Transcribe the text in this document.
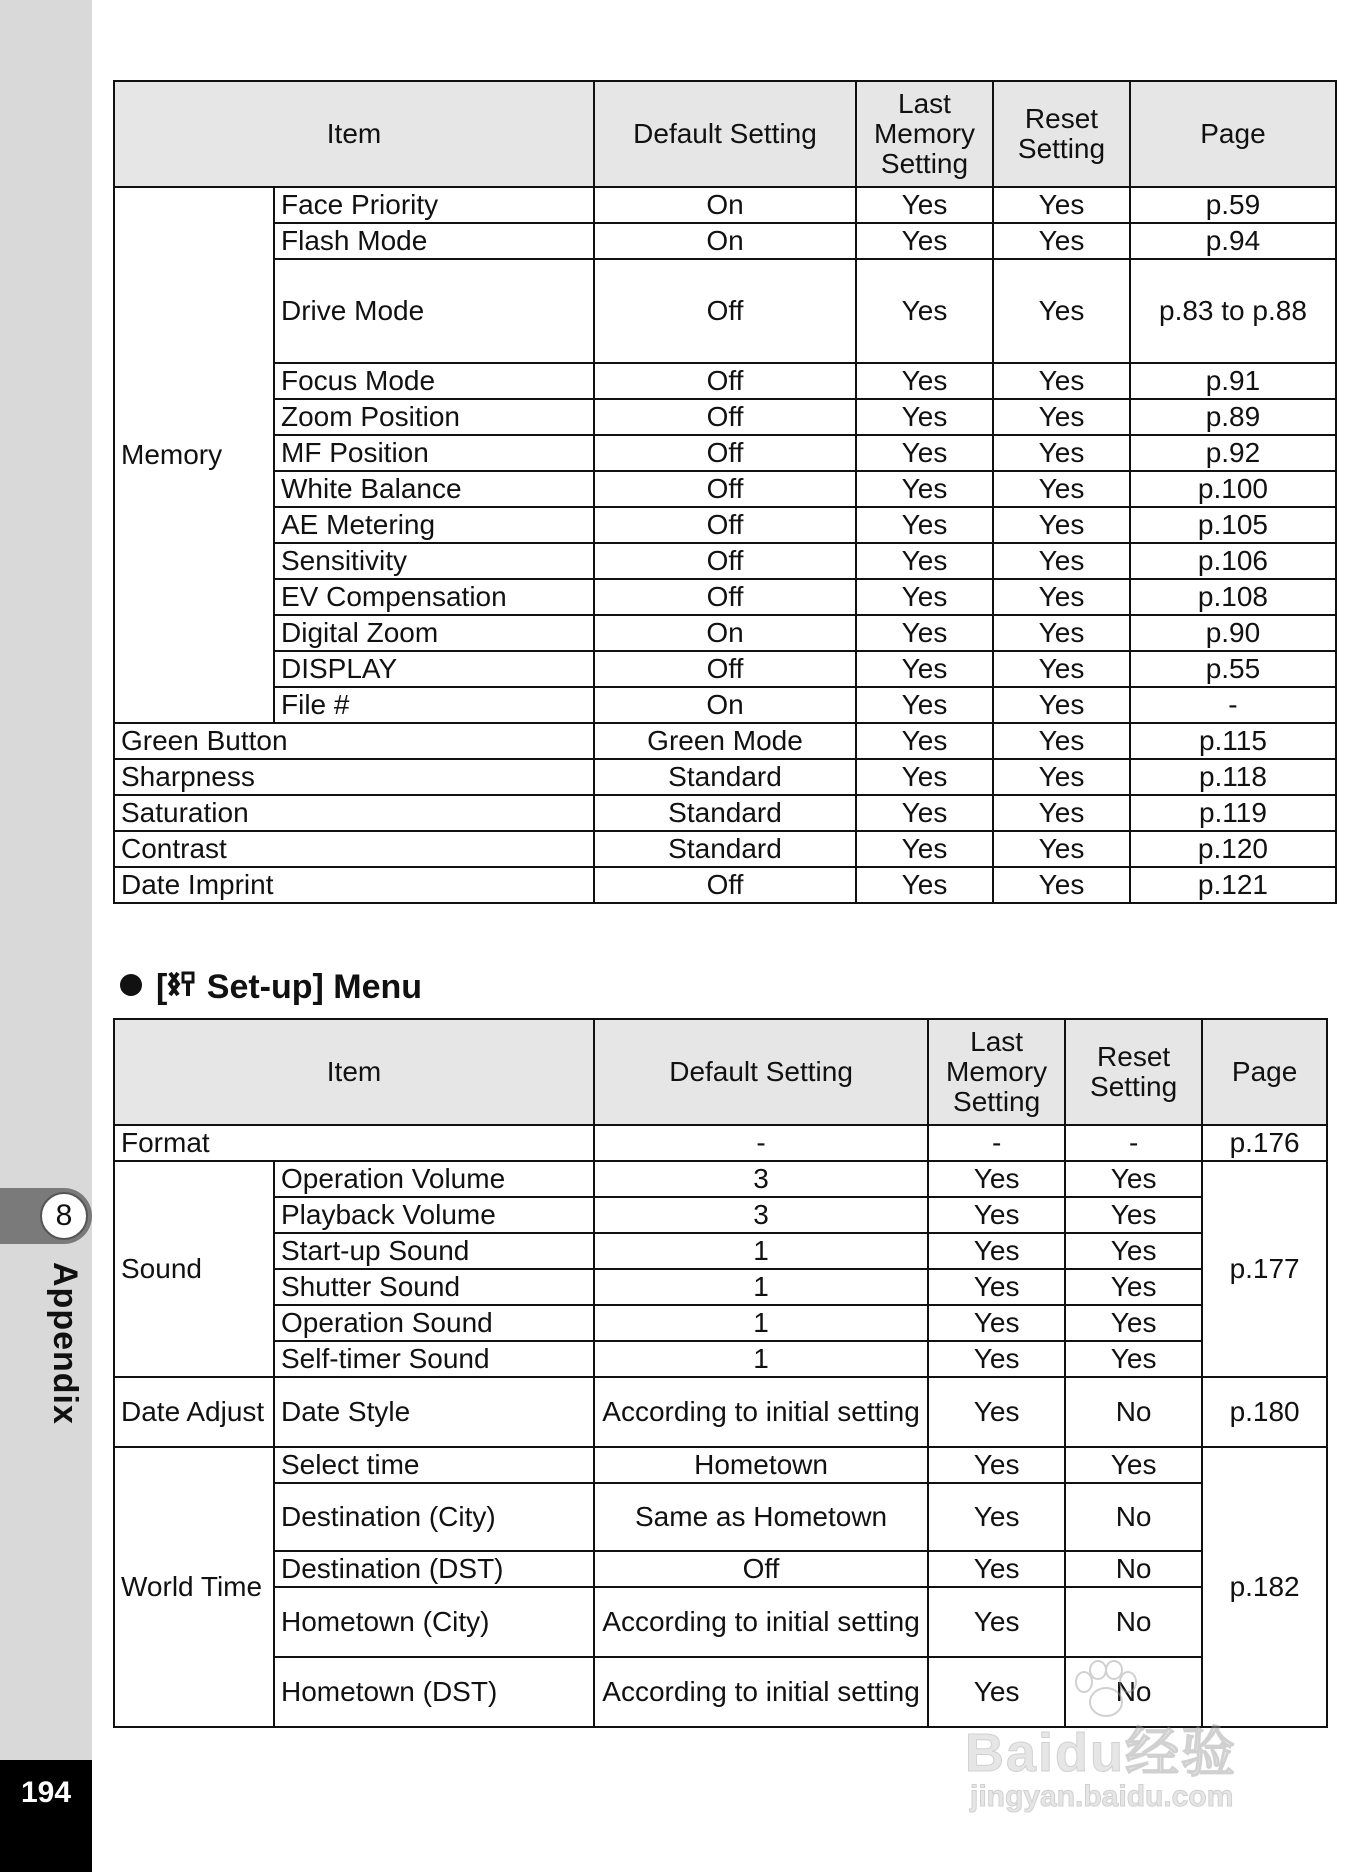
8
Appendix
194
Item		Default Setting	Last Memory Setting	Reset Setting	Page
Memory	Face Priority	On	Yes	Yes	p.59
	Flash Mode	On	Yes	Yes	p.94
	Drive Mode	Off	Yes	Yes	p.83 to p.88
	Focus Mode	Off	Yes	Yes	p.91
	Zoom Position	Off	Yes	Yes	p.89
	MF Position	Off	Yes	Yes	p.92
	White Balance	Off	Yes	Yes	p.100
	AE Metering	Off	Yes	Yes	p.105
	Sensitivity	Off	Yes	Yes	p.106
	EV Compensation	Off	Yes	Yes	p.108
	Digital Zoom	On	Yes	Yes	p.90
	DISPLAY	Off	Yes	Yes	p.55
	File #	On	Yes	Yes	-
Green Button		Green Mode	Yes	Yes	p.115
Sharpness		Standard	Yes	Yes	p.118
Saturation		Standard	Yes	Yes	p.119
Contrast		Standard	Yes	Yes	p.120
Date Imprint		Off	Yes	Yes	p.121
[ Set-up] Menu
Item		Default Setting	Last Memory Setting	Reset Setting	Page
Format		-	-	-	p.176
Sound	Operation Volume	3	Yes	Yes	p.177
	Playback Volume	3	Yes	Yes	
	Start-up Sound	1	Yes	Yes	
	Shutter Sound	1	Yes	Yes	
	Operation Sound	1	Yes	Yes	
	Self-timer Sound	1	Yes	Yes	
Date Adjust	Date Style	According to initial setting	Yes	No	p.180
World Time	Select time	Hometown	Yes	Yes	p.182
	Destination (City)	Same as Hometown	Yes	No	
	Destination (DST)	Off	Yes	No	
	Hometown (City)	According to initial setting	Yes	No	
	Hometown (DST)	According to initial setting	Yes	No	
Baidu经验
jingyan.baidu.com
